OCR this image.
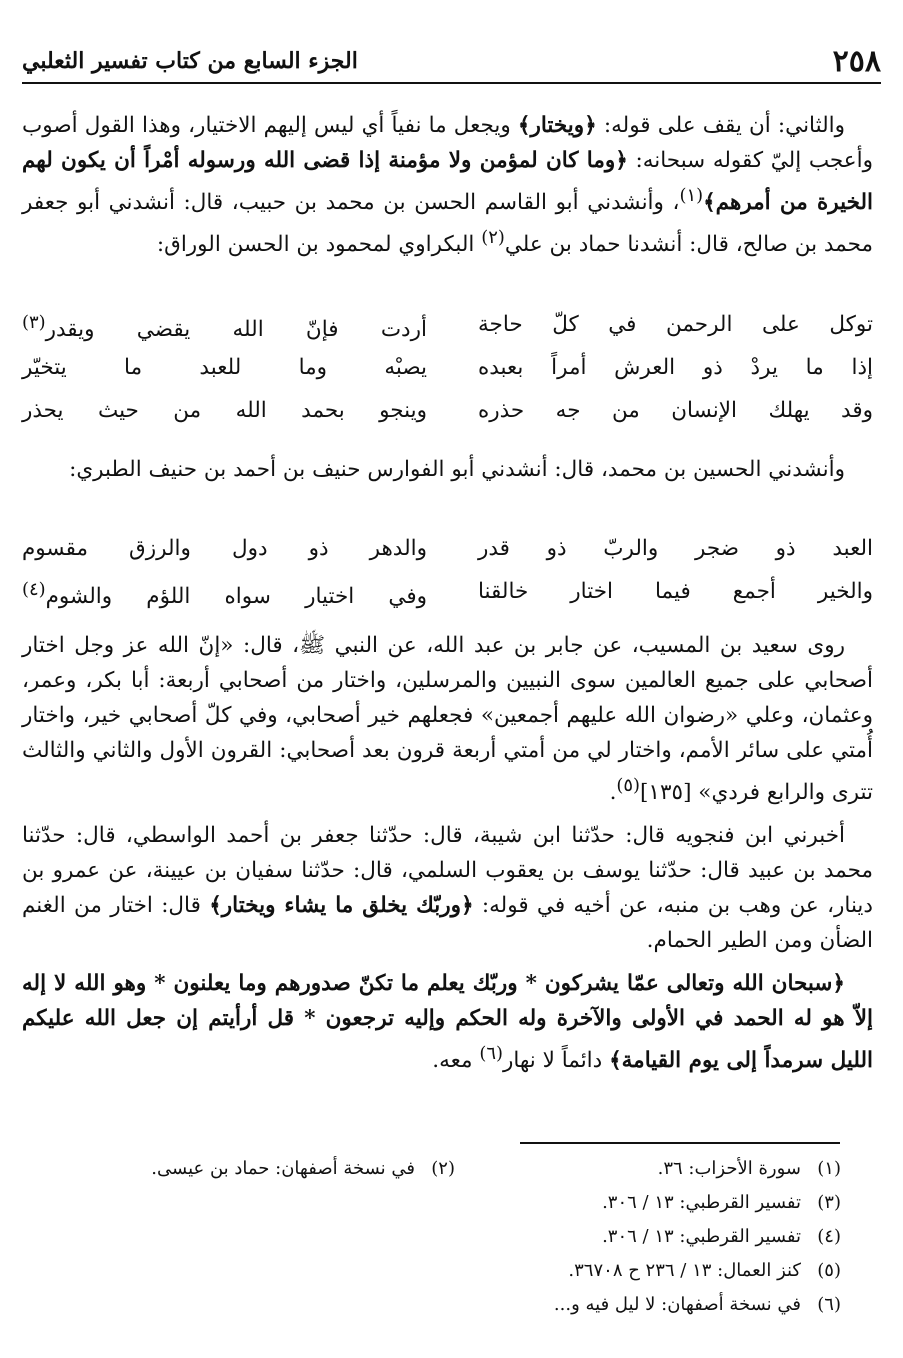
٢٥٨
الجزء السابع من كتاب تفسير الثعلبي

والثاني: أن يقف على قوله: ﴿ويختار﴾ ويجعل ما نفياً أي ليس إليهم الاختيار، وهذا القول أصوب وأعجب إليّ كقوله سبحانه: ﴿وما كان لمؤمن ولا مؤمنة إذا قضى الله ورسوله أمْراً أن يكون لهم الخيرة من أمرهم﴾$^{(١)}$، وأنشدني أبو القاسم الحسن بن محمد بن حبيب، قال: أنشدني أبو جعفر محمد بن صالح، قال: أنشدنا حماد بن علي$^{(٢)}$ البكراوي لمحمود بن الحسن الوراق:

توكل على الرحمن في كلّ حاجة
أردت فإنّ الله يقضي ويقدر$^{(٣)}$
إذا ما يردْ ذو العرش أمراً بعبده
يصبْه وما للعبد ما يتخيّر
وقد يهلك الإنسان من جه حذره
وينجو بحمد الله من حيث يحذر

وأنشدني الحسين بن محمد، قال: أنشدني أبو الفوارس حنيف بن أحمد بن حنيف الطبري:

العبد ذو ضجر والربّ ذو قدر
والدهر ذو دول والرزق مقسوم
والخير أجمع فيما اختار خالقنا
وفي اختيار سواه اللؤم والشوم$^{(٤)}$

روى سعيد بن المسيب، عن جابر بن عبد الله، عن النبي ﷺ، قال: «إنّ الله عز وجل اختار أصحابي على جميع العالمين سوى النبيين والمرسلين، واختار من أصحابي أربعة: أبا بكر، وعمر، وعثمان، وعلي «رضوان الله عليهم أجمعين» فجعلهم خير أصحابي، وفي كلّ أصحابي خير، واختار أُمتي على سائر الأمم، واختار لي من أمتي أربعة قرون بعد أصحابي: القرون الأول والثاني والثالث تترى والرابع فردي» [١٣٥]$^{(٥)}$.

أخبرني ابن فنجويه قال: حدّثنا ابن شيبة، قال: حدّثنا جعفر بن أحمد الواسطي، قال: حدّثنا محمد بن عبيد قال: حدّثنا يوسف بن يعقوب السلمي، قال: حدّثنا سفيان بن عيينة، عن عمرو بن دينار، عن وهب بن منبه، عن أخيه في قوله: ﴿وربّك يخلق ما يشاء ويختار﴾ قال: اختار من الغنم الضأن ومن الطير الحمام.

﴿سبحان الله وتعالى عمّا يشركون * وربّك يعلم ما تكنّ صدورهم وما يعلنون * وهو الله لا إله إلاّ هو له الحمد في الأولى والآخرة وله الحكم وإليه ترجعون * قل أرأيتم إن جعل الله عليكم الليل سرمداً إلى يوم القيامة﴾ دائماً لا نهار$^{(٦)}$ معه.

(١)سورة الأحزاب: ٣٦.
(٢)في نسخة أصفهان: حماد بن عيسى.
(٣)تفسير القرطبي: ١٣ / ٣٠٦.
(٤)تفسير القرطبي: ١٣ / ٣٠٦.
(٥)كنز العمال: ١٣ / ٢٣٦ ح ٣٦٧٠٨.
(٦)في نسخة أصفهان: لا ليل فيه و...
